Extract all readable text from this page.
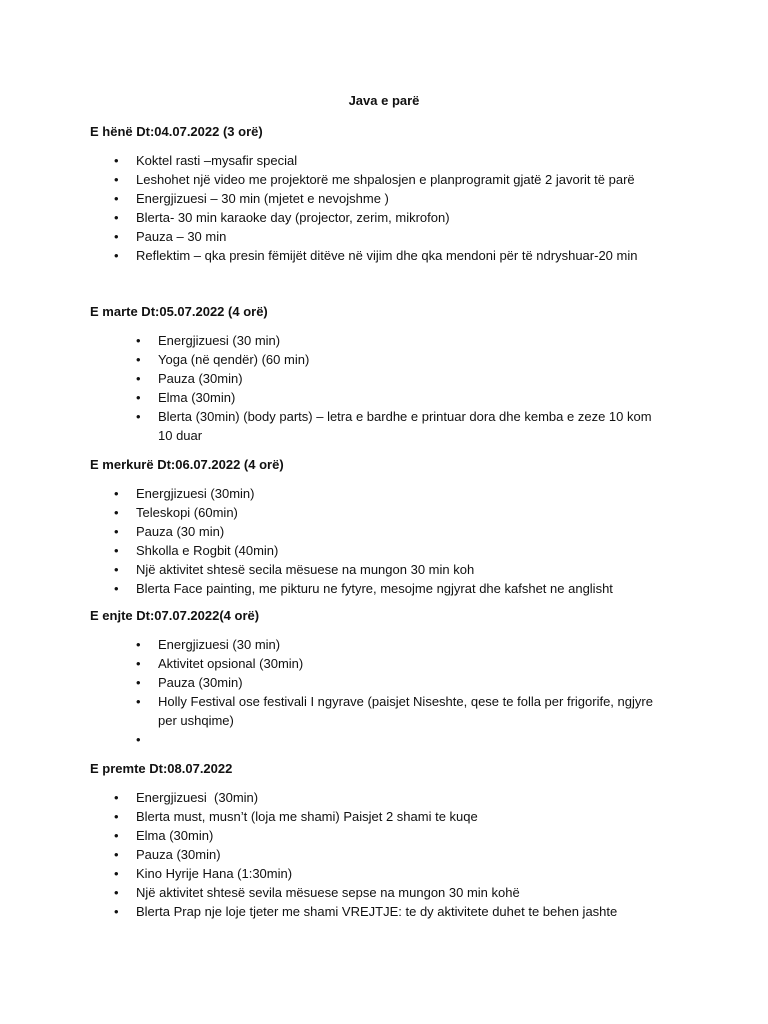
Java e parë
E hënë Dt:04.07.2022 (3 orë)
• Koktel rasti –mysafir special
• Leshohet një video me projektorë me shpalosjen e planprogramit gjatë 2 javorit të parë
• Energjizuesi – 30 min (mjetet e nevojshme )
• Blerta- 30 min karaoke day (projector, zerim, mikrofon)
• Pauza – 30 min
• Reflektim – qka presin fëmijët ditëve në vijim dhe qka mendoni për të ndryshuar-20 min
E marte Dt:05.07.2022 (4 orë)
• Energjizuesi (30 min)
• Yoga (në qendër) (60 min)
• Pauza (30min)
• Elma (30min)
• Blerta (30min) (body parts) – letra e bardhe e printuar dora dhe kemba e zeze 10 kom 10 duar
E merkurë Dt:06.07.2022 (4 orë)
• Energjizuesi (30min)
• Teleskopi (60min)
• Pauza (30 min)
• Shkolla e Rogbit (40min)
• Një aktivitet shtesë secila mësuese na mungon 30 min koh
• Blerta Face painting, me pikturu ne fytyre, mesojme ngjyrat dhe kafshet ne anglisht
E enjte Dt:07.07.2022(4 orë)
• Energjizuesi (30 min)
• Aktivitet opsional (30min)
• Pauza (30min)
• Holly Festival ose festivali I ngyrave (paisjet Niseshte, qese te folla per frigorife, ngjyre per ushqime)
•

E premte Dt:08.07.2022
• Energjizuesi  (30min)
• Blerta must, musn’t (loja me shami) Paisjet 2 shami te kuqe
• Elma (30min)
• Pauza (30min)
• Kino Hyrije Hana (1:30min)
• Një aktivitet shtesë sevila mësuese sepse na mungon 30 min kohë
• Blerta Prap nje loje tjeter me shami VREJTJE: te dy aktivitete duhet te behen jashte
